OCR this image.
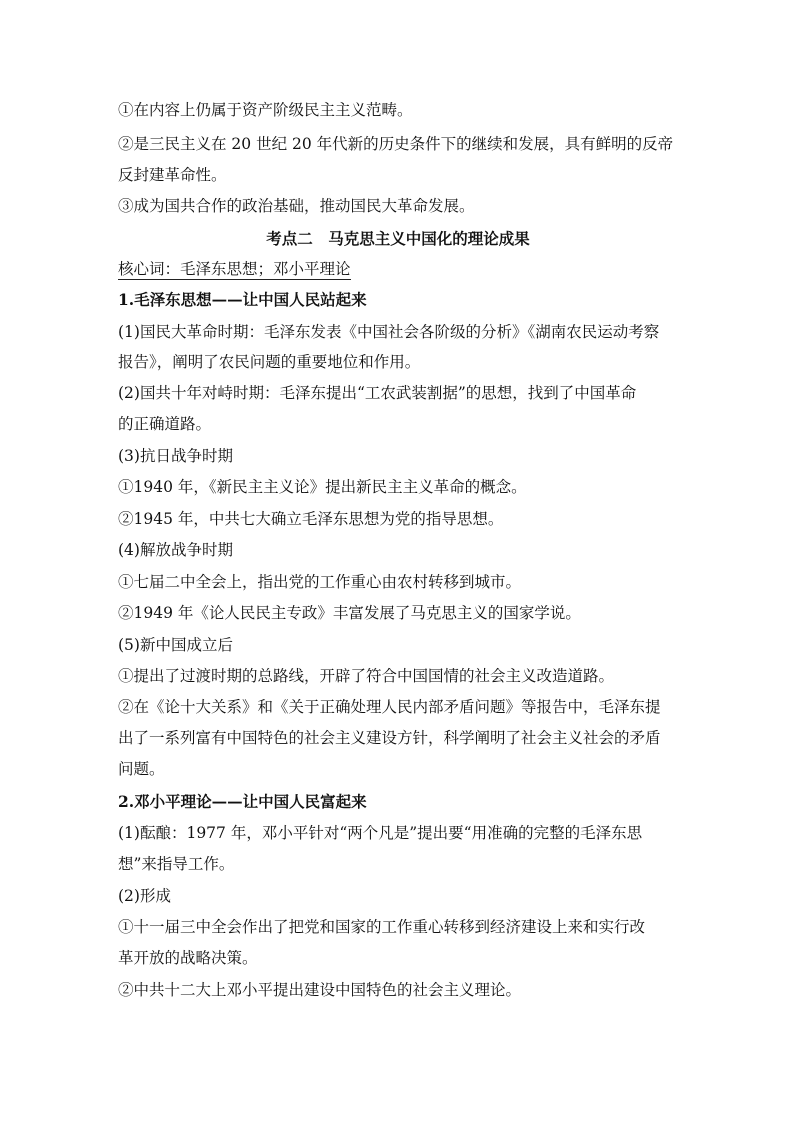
①在内容上仍属于资产阶级民主主义范畴。
②是三民主义在 20 世纪 20 年代新的历史条件下的继续和发展，具有鲜明的反帝
反封建革命性。
③成为国共合作的政治基础，推动国民大革命发展。
考点二　马克思主义中国化的理论成果
核心词：毛泽东思想；邓小平理论
1.毛泽东思想——让中国人民站起来
(1)国民大革命时期：毛泽东发表《中国社会各阶级的分析》《湖南农民运动考察
报告》，阐明了农民问题的重要地位和作用。
(2)国共十年对峙时期：毛泽东提出“工农武装割据”的思想，找到了中国革命
的正确道路。
(3)抗日战争时期
①1940 年，《新民主主义论》提出新民主主义革命的概念。
②1945 年，中共七大确立毛泽东思想为党的指导思想。
(4)解放战争时期
①七届二中全会上，指出党的工作重心由农村转移到城市。
②1949 年《论人民民主专政》丰富发展了马克思主义的国家学说。
(5)新中国成立后
①提出了过渡时期的总路线，开辟了符合中国国情的社会主义改造道路。
②在《论十大关系》和《关于正确处理人民内部矛盾问题》等报告中，毛泽东提
出了一系列富有中国特色的社会主义建设方针，科学阐明了社会主义社会的矛盾
问题。
2.邓小平理论——让中国人民富起来
(1)酝酿：1977 年，邓小平针对“两个凡是”提出要“用准确的完整的毛泽东思
想”来指导工作。
(2)形成
①十一届三中全会作出了把党和国家的工作重心转移到经济建设上来和实行改
革开放的战略决策。
②中共十二大上邓小平提出建设中国特色的社会主义理论。
